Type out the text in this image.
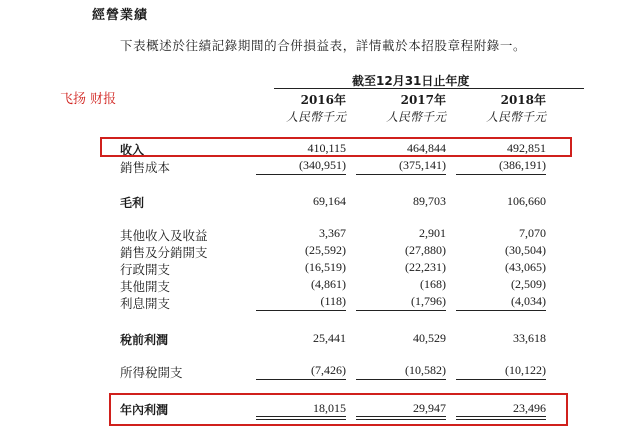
經營業績
下表概述於往績記錄期間的合併損益表，詳情載於本招股章程附錄一。
飞扬 财报
截至12月31日止年度
2016年	2017年	2018年
人民幣千元	人民幣千元	人民幣千元
收入	410,115	464,844	492,851
銷售成本	(340,951)	(375,141)	(386,191)
毛利	69,164	89,703	106,660
其他收入及收益	3,367	2,901	7,070
銷售及分銷開支	(25,592)	(27,880)	(30,504)
行政開支	(16,519)	(22,231)	(43,065)
其他開支	(4,861)	(168)	(2,509)
利息開支	(118)	(1,796)	(4,034)
稅前利潤	25,441	40,529	33,618
所得稅開支	(7,426)	(10,582)	(10,122)
年內利潤	18,015	29,947	23,496
